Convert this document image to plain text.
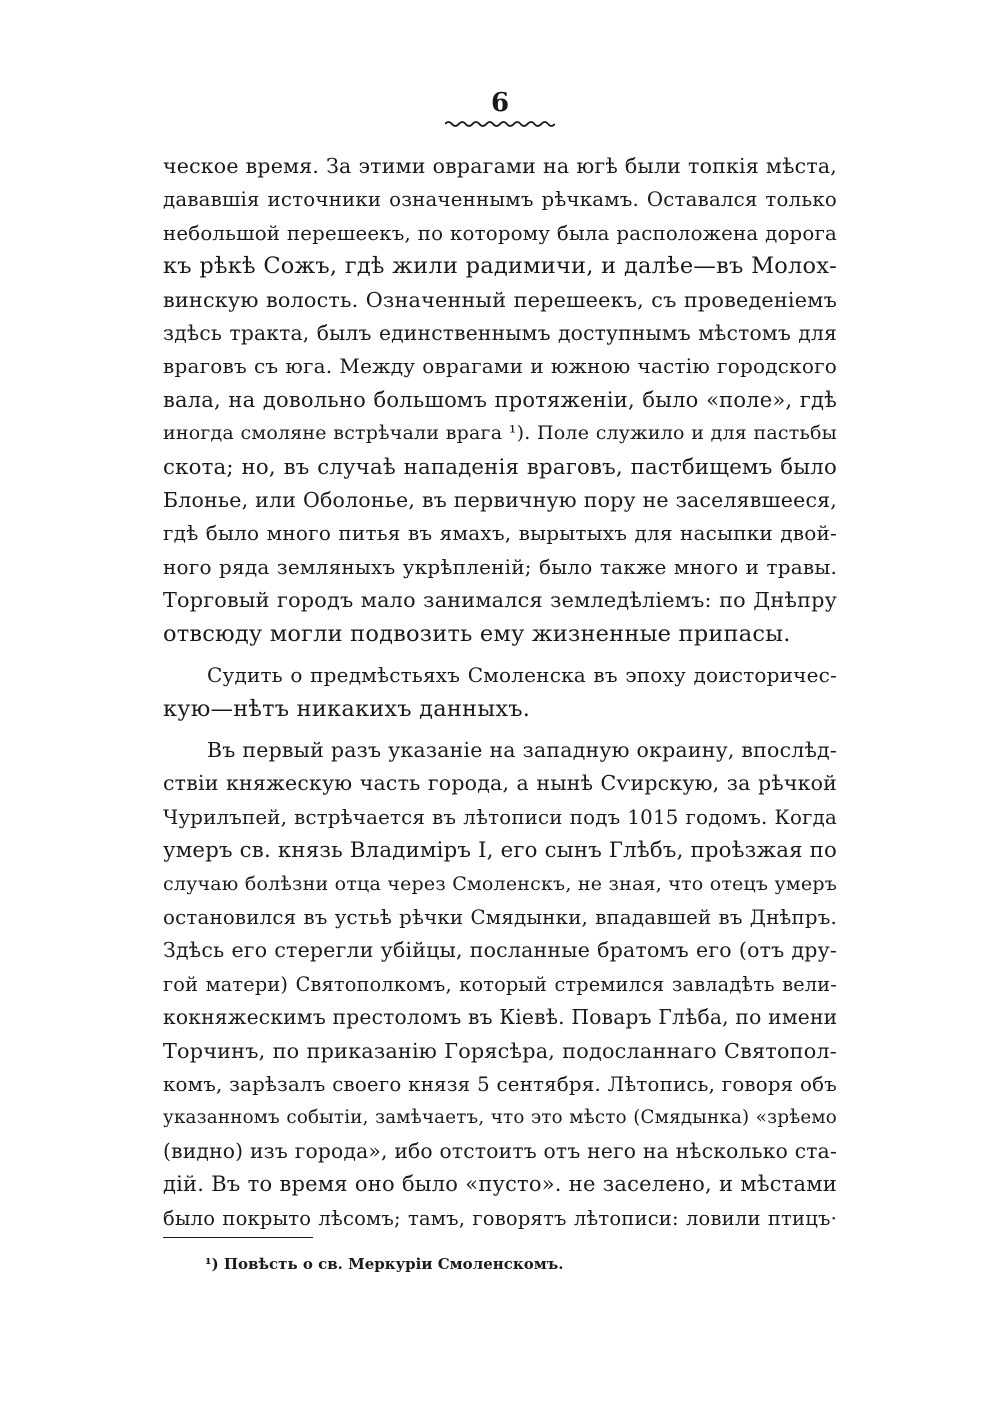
6
ческое время. За этими оврагами на югѣ были топкія мѣста,
дававшія источники означеннымъ рѣчкамъ. Оставался только
небольшой перешеекъ, по которому была расположена дорога
къ рѣкѣ Сожъ, гдѣ жили радимичи, и далѣе—въ Молох-
винскую волость. Означенный перешеекъ, съ проведеніемъ
здѣсь тракта, былъ единственнымъ доступнымъ мѣстомъ для
враговъ съ юга. Между оврагами и южною частію городского
вала, на довольно большомъ протяженіи, было «поле», гдѣ
иногда смоляне встрѣчали врага ¹). Поле служило и для пастьбы
скота; но, въ случаѣ нападенія враговъ, пастбищемъ было
Блонье, или Оболонье, въ первичную пору не заселявшееся,
гдѣ было много питья въ ямахъ, вырытыхъ для насыпки двой-
ного ряда земляныхъ укрѣпленій; было также много и травы.
Торговый городъ мало занимался земледѣліемъ: по Днѣпру
отвсюду могли подвозить ему жизненные припасы.
Судить о предмѣстьяхъ Смоленска въ эпоху доисторичес-
кую—нѣтъ никакихъ данныхъ.
Въ первый разъ указаніе на западную окраину, впослѣд-
ствіи княжескую часть города, а нынѣ Сѵирскую, за рѣчкой
Чурилъпей, встрѣчается въ лѣтописи подъ 1015 годомъ. Когда
умеръ св. князь Владиміръ I, его сынъ Глѣбъ, проѣзжая по
случаю болѣзни отца через Смоленскъ, не зная, что отецъ умеръ
остановился въ устьѣ рѣчки Смядынки, впадавшей въ Днѣпръ.
Здѣсь его стерегли убійцы, посланные братомъ его (отъ дру-
гой матери) Святополкомъ, который стремился завладѣть вели-
кокняжескимъ престоломъ въ Кіевѣ. Поваръ Глѣба, по имени
Торчинъ, по приказанію Горясѣра, подосланнаго Святопол-
комъ, зарѣзалъ своего князя 5 сентября. Лѣтопись, говоря объ
указанномъ событіи, замѣчаетъ, что это мѣсто (Смядынка) «зрѣемо
(видно) изъ города», ибо отстоитъ отъ него на нѣсколько ста-
дій. Въ то время оно было «пусто». не заселено, и мѣстами
было покрыто лѣсомъ; тамъ, говорятъ лѣтописи: ловили птицъ·
¹) Повѣсть о св. Меркуріи Смоленскомъ.
